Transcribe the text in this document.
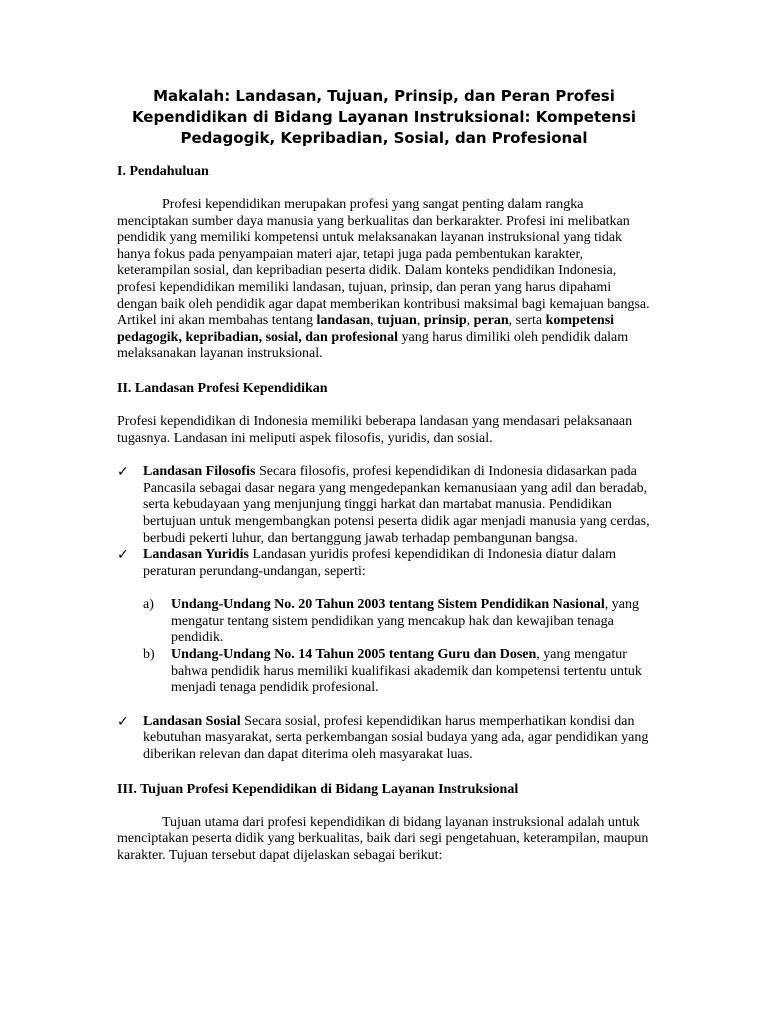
Makalah: Landasan, Tujuan, Prinsip, dan Peran Profesi Kependidikan di Bidang Layanan Instruksional: Kompetensi Pedagogik, Kepribadian, Sosial, dan Profesional
I. Pendahuluan

Profesi kependidikan merupakan profesi yang sangat penting dalam rangka menciptakan sumber daya manusia yang berkualitas dan berkarakter. Profesi ini melibatkan pendidik yang memiliki kompetensi untuk melaksanakan layanan instruksional yang tidak hanya fokus pada penyampaian materi ajar, tetapi juga pada pembentukan karakter, keterampilan sosial, dan kepribadian peserta didik. Dalam konteks pendidikan Indonesia, profesi kependidikan memiliki landasan, tujuan, prinsip, dan peran yang harus dipahami dengan baik oleh pendidik agar dapat memberikan kontribusi maksimal bagi kemajuan bangsa. Artikel ini akan membahas tentang landasan, tujuan, prinsip, peran, serta kompetensi pedagogik, kepribadian, sosial, dan profesional yang harus dimiliki oleh pendidik dalam melaksanakan layanan instruksional.

II. Landasan Profesi Kependidikan

Profesi kependidikan di Indonesia memiliki beberapa landasan yang mendasari pelaksanaan tugasnya. Landasan ini meliputi aspek filosofis, yuridis, dan sosial.

✓	Landasan Filosofis Secara filosofis, profesi kependidikan di Indonesia didasarkan pada Pancasila sebagai dasar negara yang mengedepankan kemanusiaan yang adil dan beradab, serta kebudayaan yang menjunjung tinggi harkat dan martabat manusia. Pendidikan bertujuan untuk mengembangkan potensi peserta didik agar menjadi manusia yang cerdas, berbudi pekerti luhur, dan bertanggung jawab terhadap pembangunan bangsa.
✓	Landasan Yuridis Landasan yuridis profesi kependidikan di Indonesia diatur dalam peraturan perundang-undangan, seperti:
a) Undang-Undang No. 20 Tahun 2003 tentang Sistem Pendidikan Nasional, yang mengatur tentang sistem pendidikan yang mencakup hak dan kewajiban tenaga pendidik.
b) Undang-Undang No. 14 Tahun 2005 tentang Guru dan Dosen, yang mengatur bahwa pendidik harus memiliki kualifikasi akademik dan kompetensi tertentu untuk menjadi tenaga pendidik profesional.
✓	Landasan Sosial Secara sosial, profesi kependidikan harus memperhatikan kondisi dan kebutuhan masyarakat, serta perkembangan sosial budaya yang ada, agar pendidikan yang diberikan relevan dan dapat diterima oleh masyarakat luas.
III. Tujuan Profesi Kependidikan di Bidang Layanan Instruksional

Tujuan utama dari profesi kependidikan di bidang layanan instruksional adalah untuk menciptakan peserta didik yang berkualitas, baik dari segi pengetahuan, keterampilan, maupun karakter. Tujuan tersebut dapat dijelaskan sebagai berikut:
